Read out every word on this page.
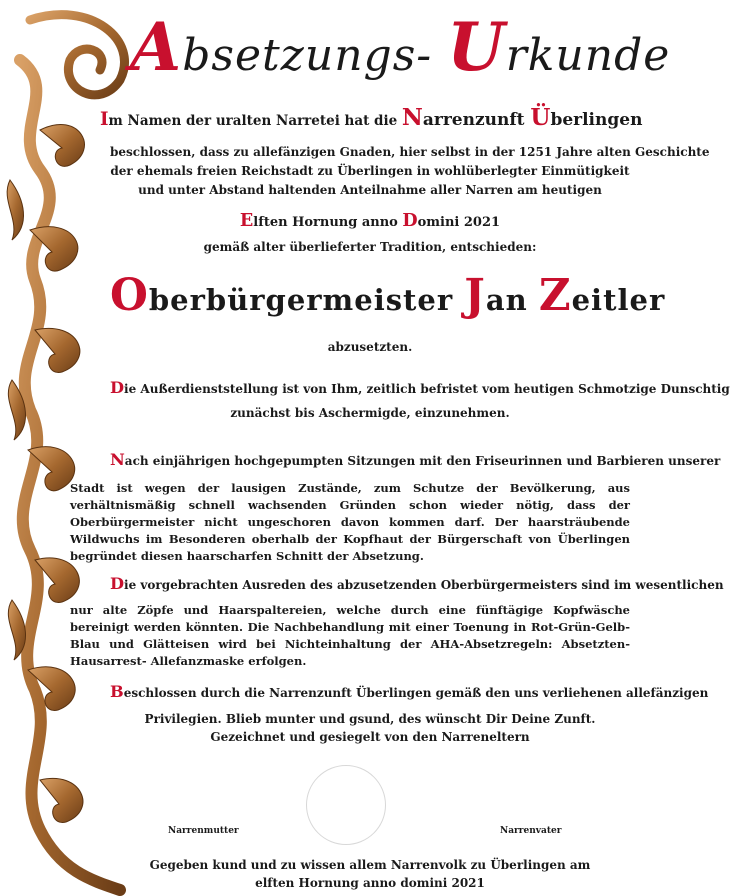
Absetzungs- Urkunde
Im Namen der uralten Narretei hat die Narrenzunft Überlingen
beschlossen, dass zu allefänzigen Gnaden, hier selbst in der 1251 Jahre alten Geschichte
der ehemals freien Reichstadt zu Überlingen in wohlüberlegter Einmütigkeit
und unter Abstand haltenden Anteilnahme aller Narren am heutigen
Elften Hornung anno Domini 2021
gemäß alter überlieferter Tradition, entschieden:
Oberbürgermeister Jan Zeitler
abzusetzten.
Die Außerdienststellung ist von Ihm, zeitlich befristet vom heutigen Schmotzige Dunschtig
zunächst bis Aschermigde, einzunehmen.
Nach einjährigen hochgepumpten Sitzungen mit den Friseurinnen und Barbieren unserer
Stadt ist wegen der lausigen Zustände, zum Schutze der Bevölkerung, aus verhältnismäßig schnell wachsenden Gründen schon wieder nötig, dass der Oberbürgermeister nicht ungeschoren davon kommen darf. Der haarsträubende Wildwuchs im Besonderen oberhalb der Kopfhaut der Bürgerschaft von Überlingen begründet diesen haarscharfen Schnitt der Absetzung.
Die vorgebrachten Ausreden des abzusetzenden Oberbürgermeisters sind im wesentlichen
nur alte Zöpfe und Haarspaltereien, welche durch eine fünftägige Kopfwäsche bereinigt werden könnten. Die Nachbehandlung mit einer Toenung in Rot-Grün-Gelb-Blau und Glätteisen wird bei Nichteinhaltung der AHA-Absetzregeln: Absetzten- Hausarrest- Allefanzmaske erfolgen.
Beschlossen durch die Narrenzunft Überlingen gemäß den uns verliehenen allefänzigen
Privilegien. Blieb munter und gsund, des wünscht Dir Deine Zunft.
Gezeichnet und gesiegelt von den Narreneltern
Narrenmutter	Narrenvater
Gegeben kund und zu wissen allem Narrenvolk zu Überlingen am
elften Hornung anno domini 2021
